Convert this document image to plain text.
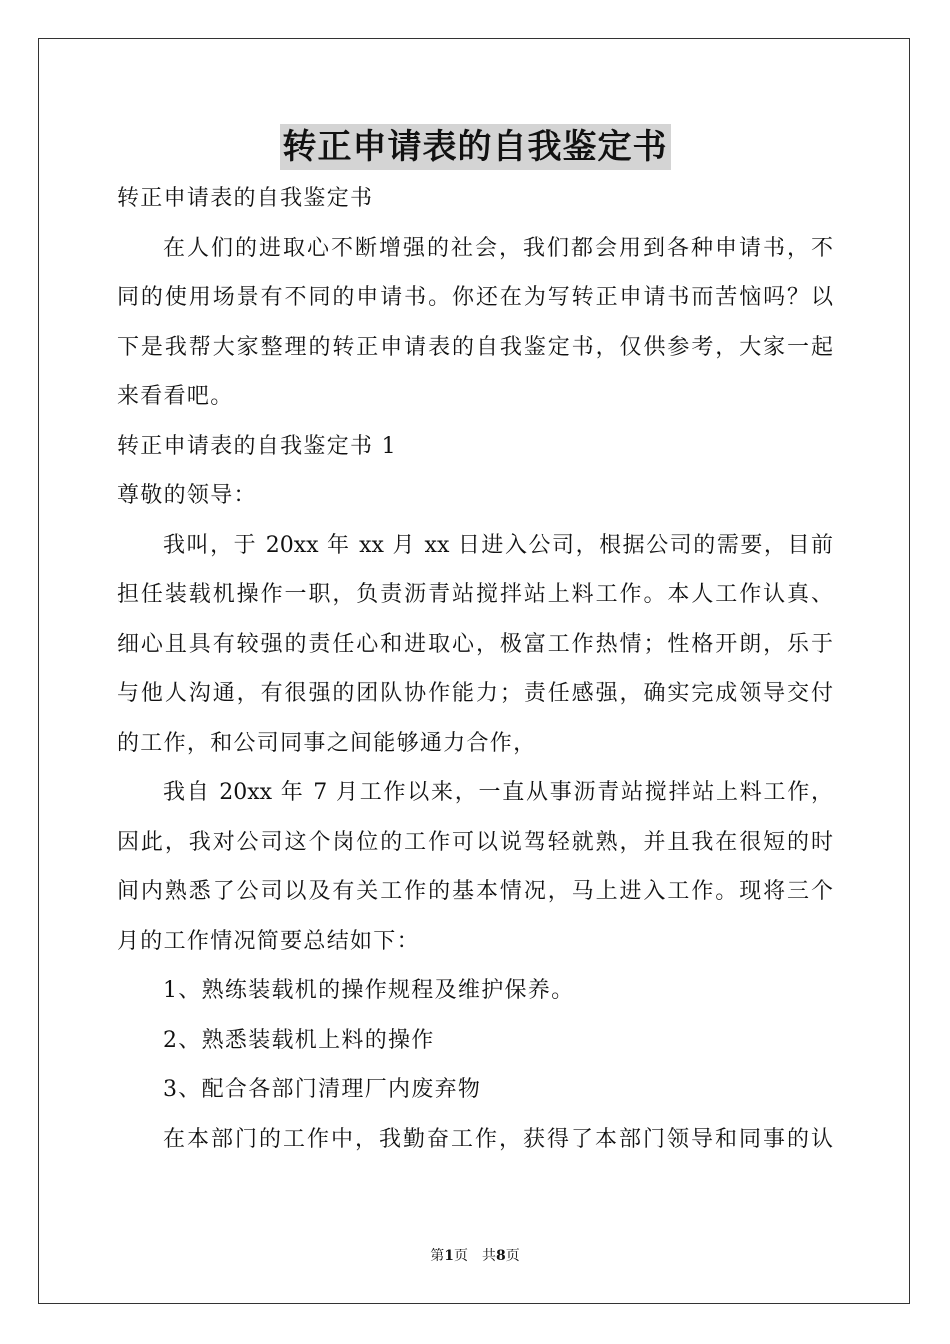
转正申请表的自我鉴定书
转正申请表的自我鉴定书
在人们的进取心不断增强的社会，我们都会用到各种申请书，不
同的使用场景有不同的申请书。你还在为写转正申请书而苦恼吗？以
下是我帮大家整理的转正申请表的自我鉴定书，仅供参考，大家一起
来看看吧。
转正申请表的自我鉴定书 1
尊敬的领导：
我叫，于 20xx 年 xx 月 xx 日进入公司，根据公司的需要，目前
担任装载机操作一职，负责沥青站搅拌站上料工作。本人工作认真、
细心且具有较强的责任心和进取心，极富工作热情；性格开朗，乐于
与他人沟通，有很强的团队协作能力；责任感强，确实完成领导交付
的工作，和公司同事之间能够通力合作，
我自 20xx 年 7 月工作以来，一直从事沥青站搅拌站上料工作，
因此，我对公司这个岗位的工作可以说驾轻就熟，并且我在很短的时
间内熟悉了公司以及有关工作的基本情况，马上进入工作。现将三个
月的工作情况简要总结如下：
1、熟练装载机的操作规程及维护保养。
2、熟悉装载机上料的操作
3、配合各部门清理厂内废弃物
在本部门的工作中，我勤奋工作，获得了本部门领导和同事的认
第1页 共8页
